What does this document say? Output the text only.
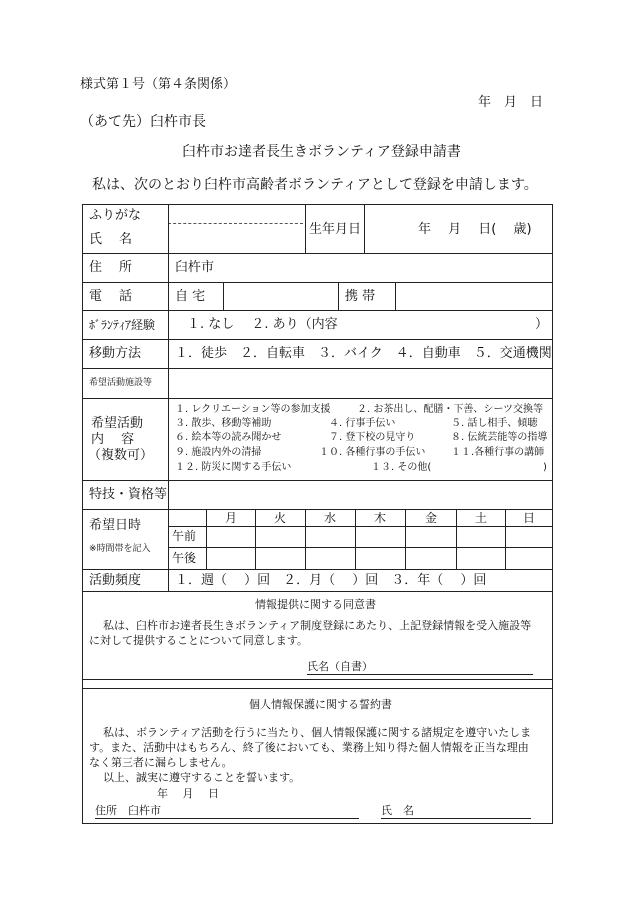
様式第１号（第４条関係）
年　月　日
（あて先）臼杵市長
臼杵市お達者長生きボランティア登録申請書
私は、次のとおり臼杵市高齢者ボランティアとして登録を申請します。
ふりがな
氏　名
生年月日	年　 月　 日(　 歳)
住　所	臼杵市
電　話	自 宅	携 帯
ﾎﾞﾗﾝﾃｨｱ経験 １. なし　 ２. あり（内容	）
移動方法	１．徒歩　２．自転車　３．バイク　４．自動車　５．交通機関
希望活動施設等
希望活動
内　 容
（複数可）
１. レクリエーション等の参加支援	２. お茶出し、配膳・下善、シーツ交換等
３. 散歩、移動等補助	４. 行事手伝い	５. 話し相手、傾聴
６. 絵本等の読み聞かせ	７. 登下校の見守り	８. 伝統芸能等の指導
９. 施設内外の清掃	１０. 各種行事の手伝い	１１.各種行事の講師
１２. 防災に関する手伝い	１３. その他(	)
特技・資格等
希望日時
※時間帯を記入
月	火	水	木	金	土	日
午前
午後
活動頻度	１．週（　 ）回　２．月（　 ）回　３．年（　 ）回
情報提供に関する同意書
私は、臼杵市お達者長生きボランティア制度登録にあたり、上記登録情報を受入施設等
に対して提供することについて同意します。
氏名（自書）
個人情報保護に関する誓約書
私は、ボランティア活動を行うに当たり、個人情報保護に関する諸規定を遵守いたしま
す。また、活動中はもちろん、終了後においても、業務上知り得た個人情報を正当な理由
なく第三者に漏らしません。
以上、誠実に遵守することを誓います。
年　 月　 日
住所　臼杵市	氏　名
